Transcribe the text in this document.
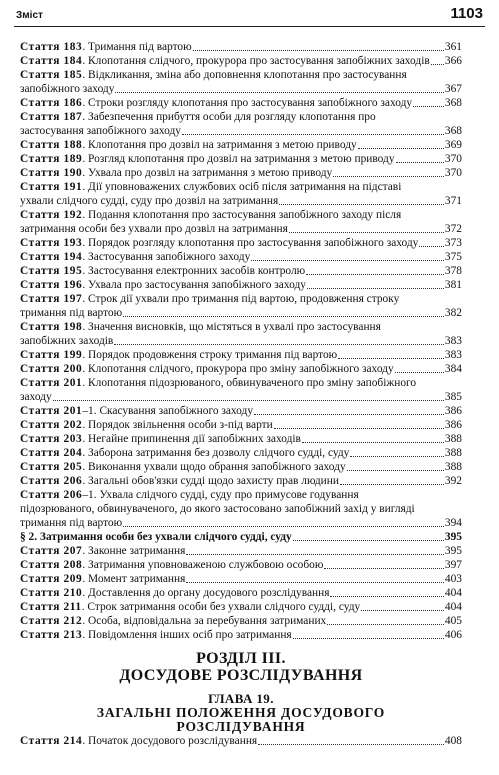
Зміст	1103
Стаття 183. Тримання під вартою	361
Стаття 184. Клопотання слідчого, прокурора про застосування запобіжних заходів 366
Стаття 185. Відкликання, зміна або доповнення клопотання про застосування
запобіжного заходу	367
Стаття 186. Строки розгляду клопотання про застосування запобіжного заходу	368
Стаття 187. Забезпечення прибуття особи для розгляду клопотання про
застосування запобіжного заходу	368
Стаття 188. Клопотання про дозвіл на затримання з метою приводу	369
Стаття 189. Розгляд клопотання про дозвіл на затримання з метою приводу	370
Стаття 190. Ухвала про дозвіл на затримання з метою приводу	370
Стаття 191. Дії уповноважених службових осіб після затримання на підставі
ухвали слідчого судді, суду про дозвіл на затримання	371
Стаття 192. Подання клопотання про застосування запобіжного заходу після
затримання особи без ухвали про дозвіл на затримання	372
Стаття 193. Порядок розгляду клопотання про застосування запобіжного заходу 373
Стаття 194. Застосування запобіжного заходу	375
Стаття 195. Застосування електронних засобів контролю	378
Стаття 196. Ухвала про застосування запобіжного заходу	381
Стаття 197. Строк дії ухвали про тримання під вартою, продовження строку
тримання під вартою	382
Стаття 198. Значення висновків, що містяться в ухвалі про застосування
запобіжних заходів	383
Стаття 199. Порядок продовження строку тримання під вартою	383
Стаття 200. Клопотання слідчого, прокурора про зміну запобіжного заходу	384
Стаття 201. Клопотання підозрюваного, обвинуваченого про зміну запобіжного
заходу	385
Стаття 201–1. Скасування запобіжного заходу	386
Стаття 202. Порядок звільнення особи з-під варти	386
Стаття 203. Негайне припинення дії запобіжних заходів	388
Стаття 204. Заборона затримання без дозволу слідчого судді, суду	388
Стаття 205. Виконання ухвали щодо обрання запобіжного заходу	388
Стаття 206. Загальні обов'язки судді щодо захисту прав людини	392
Стаття 206–1. Ухвала слідчого судді, суду про примусове годування
підозрюваного, обвинуваченого, до якого застосовано запобіжний захід у вигляді
тримання під вартою	394
§ 2. Затримання особи без ухвали слідчого судді, суду	395
Стаття 207. Законне затримання	395
Стаття 208. Затримання уповноваженою службовою особою	397
Стаття 209. Момент затримання	403
Стаття 210. Доставлення до органу досудового розслідування	404
Стаття 211. Строк затримання особи без ухвали слідчого судді, суду	404
Стаття 212. Особа, відповідальна за перебування затриманих	405
Стаття 213. Повідомлення інших осіб про затримання	406
РОЗДІЛ ІІІ.
ДОСУДОВЕ РОЗСЛІДУВАННЯ
ГЛАВА 19.
ЗАГАЛЬНІ ПОЛОЖЕННЯ ДОСУДОВОГО
РОЗСЛІДУВАННЯ
Стаття 214. Початок досудового розслідування	408
